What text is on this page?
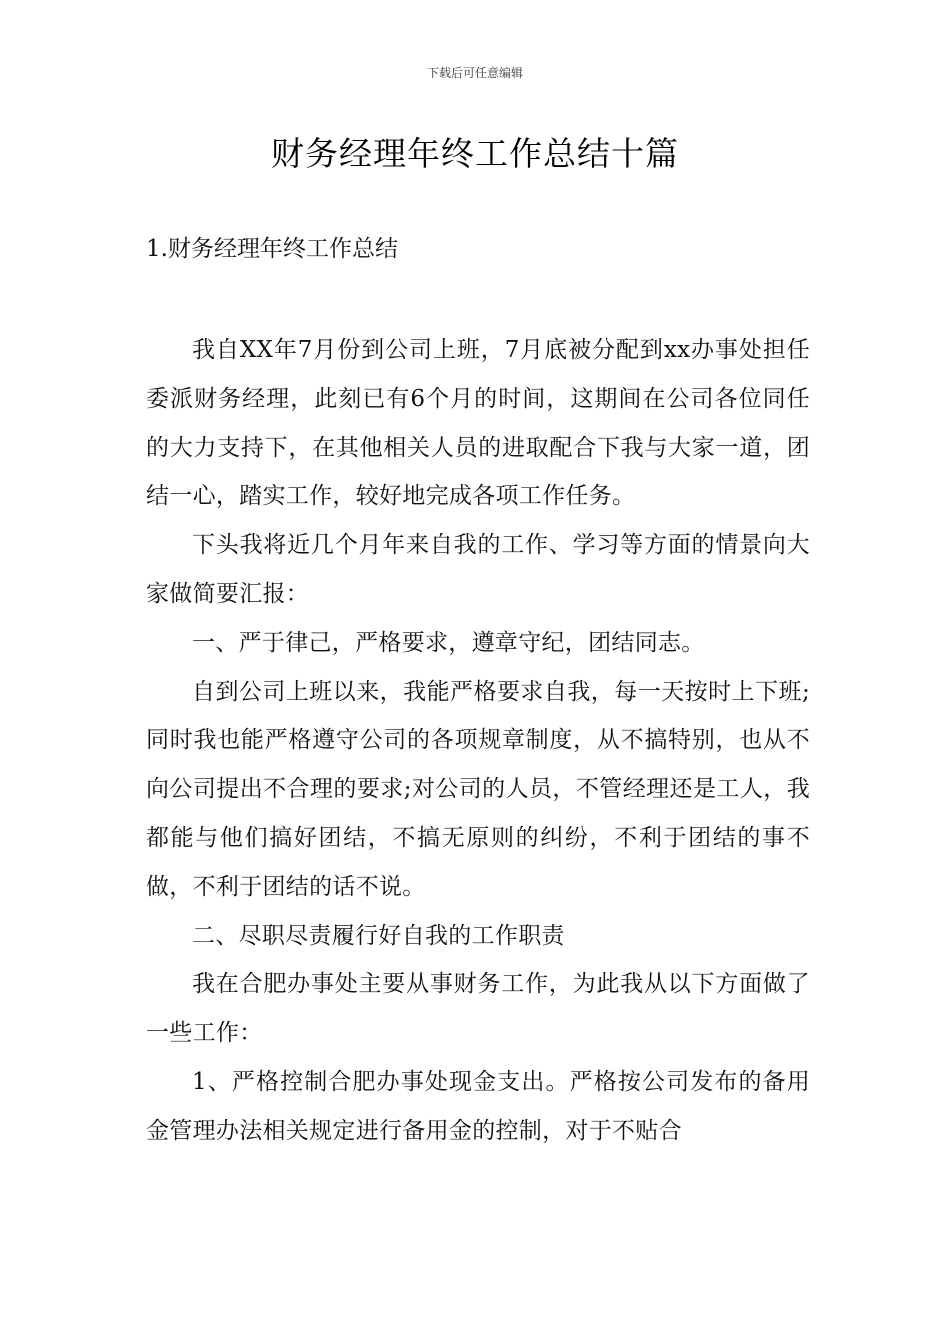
下载后可任意编辑
财务经理年终工作总结十篇
1.财务经理年终工作总结

我自XX年7月份到公司上班，7月底被分配到xx办事处担任委派财务经理，此刻已有6个月的时间，这期间在公司各位同任的大力支持下，在其他相关人员的进取配合下我与大家一道，团结一心，踏实工作，较好地完成各项工作任务。

下头我将近几个月年来自我的工作、学习等方面的情景向大家做简要汇报：

一、严于律己，严格要求，遵章守纪，团结同志。

自到公司上班以来，我能严格要求自我，每一天按时上下班;同时我也能严格遵守公司的各项规章制度，从不搞特别，也从不向公司提出不合理的要求;对公司的人员，不管经理还是工人，我都能与他们搞好团结，不搞无原则的纠纷，不利于团结的事不做，不利于团结的话不说。

二、尽职尽责履行好自我的工作职责

我在合肥办事处主要从事财务工作，为此我从以下方面做了一些工作：

1、严格控制合肥办事处现金支出。严格按公司发布的备用金管理办法相关规定进行备用金的控制，对于不贴合
